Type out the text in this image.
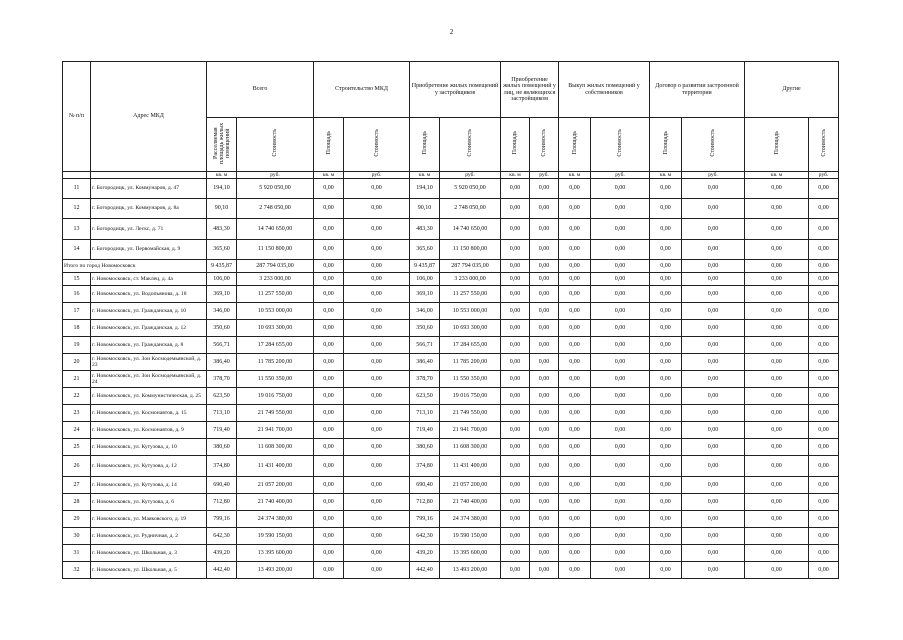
2
№ п/п	Адрес МКД	Всего		Строительство МКД		Приобретение жилых помещений у застройщиков		Приобретение жилых помещений у лиц, не являющихся застройщиком		Выкуп жилых помещений у собственников		Договор о развитии застроенной территории		Другие	
		Расселяемая площадь жилых помещений	Стоимость	Площадь	Стоимость	Площадь	Стоимость	Площадь	Стоимость	Площадь	Стоимость	Площадь	Стоимость	Площадь	Стоимость
		кв. м	руб.	кв. м	руб.	кв. м	руб.	кв. м	руб.	кв. м	руб.	кв. м	руб.	кв. м	руб.
11	г. Богородицк, ул. Коммунаров, д. 47	194,10	5 920 050,00	0,00	0,00	194,10	5 920 050,00	0,00	0,00	0,00	0,00	0,00	0,00	0,00	0,00
12	г. Богородицк, ул. Коммунаров, д. 8а	90,10	2 748 050,00	0,00	0,00	90,10	2 748 050,00	0,00	0,00	0,00	0,00	0,00	0,00	0,00	0,00
13	г. Богородицк, ул. Лескс, д. 71	483,30	14 740 650,00	0,00	0,00	483,30	14 740 650,00	0,00	0,00	0,00	0,00	0,00	0,00	0,00	0,00
14	г. Богородицк, ул. Первомайская, д. 9	365,60	11 150 800,00	0,00	0,00	365,60	11 150 800,00	0,00	0,00	0,00	0,00	0,00	0,00	0,00	0,00
Итого по город Новомосковск		9 435,87	287 794 035,00	0,00	0,00	9 435,87	287 794 035,00	0,00	0,00	0,00	0,00	0,00	0,00	0,00	0,00
15	г. Новомосковск, ст. Маклец, д. 4а	106,00	3 233 000,00	0,00	0,00	106,00	3 233 000,00	0,00	0,00	0,00	0,00	0,00	0,00	0,00	0,00
16	г. Новомосковск, ул. Водопьянова, д. 18	369,10	11 257 550,00	0,00	0,00	369,10	11 257 550,00	0,00	0,00	0,00	0,00	0,00	0,00	0,00	0,00
17	г. Новомосковск, ул. Гражданская, д. 10	346,00	10 553 000,00	0,00	0,00	346,00	10 553 000,00	0,00	0,00	0,00	0,00	0,00	0,00	0,00	0,00
18	г. Новомосковск, ул. Гражданская, д. 12	350,60	10 693 300,00	0,00	0,00	350,60	10 693 300,00	0,00	0,00	0,00	0,00	0,00	0,00	0,00	0,00
19	г. Новомосковск, ул. Гражданская, д. 8	566,71	17 284 655,00	0,00	0,00	566,71	17 284 655,00	0,00	0,00	0,00	0,00	0,00	0,00	0,00	0,00
20	г. Новомосковск, ул. Зои Космодемьянской, д. 23	386,40	11 785 200,00	0,00	0,00	386,40	11 785 200,00	0,00	0,00	0,00	0,00	0,00	0,00	0,00	0,00
21	г. Новомосковск, ул. Зои Космодемьянской, д. 24	378,70	11 550 350,00	0,00	0,00	378,70	11 550 350,00	0,00	0,00	0,00	0,00	0,00	0,00	0,00	0,00
22	г. Новомосковск, ул. Коммунистическая, д. 25	623,50	19 016 750,00	0,00	0,00	623,50	19 016 750,00	0,00	0,00	0,00	0,00	0,00	0,00	0,00	0,00
23	г. Новомосковск, ул. Космонавтов, д. 15	713,10	21 749 550,00	0,00	0,00	713,10	21 749 550,00	0,00	0,00	0,00	0,00	0,00	0,00	0,00	0,00
24	г. Новомосковск, ул. Космонавтов, д. 9	719,40	21 941 700,00	0,00	0,00	719,40	21 941 700,00	0,00	0,00	0,00	0,00	0,00	0,00	0,00	0,00
25	г. Новомосковск, ул. Кутузова, д. 10	380,60	11 608 300,00	0,00	0,00	380,60	11 608 300,00	0,00	0,00	0,00	0,00	0,00	0,00	0,00	0,00
26	г. Новомосковск, ул. Кутузова, д. 12	374,80	11 431 400,00	0,00	0,00	374,80	11 431 400,00	0,00	0,00	0,00	0,00	0,00	0,00	0,00	0,00
27	г. Новомосковск, ул. Кутузова, д. 14	690,40	21 057 200,00	0,00	0,00	690,40	21 057 200,00	0,00	0,00	0,00	0,00	0,00	0,00	0,00	0,00
28	г. Новомосковск, ул. Кутузова, д. 6	712,80	21 740 400,00	0,00	0,00	712,80	21 740 400,00	0,00	0,00	0,00	0,00	0,00	0,00	0,00	0,00
29	г. Новомосковск, ул. Маяковского, д. 19	799,16	24 374 380,00	0,00	0,00	799,16	24 374 380,00	0,00	0,00	0,00	0,00	0,00	0,00	0,00	0,00
30	г. Новомосковск, ул. Рудничная, д. 2	642,30	19 590 150,00	0,00	0,00	642,30	19 590 150,00	0,00	0,00	0,00	0,00	0,00	0,00	0,00	0,00
31	г. Новомосковск, ул. Школьная, д. 3	439,20	13 395 600,00	0,00	0,00	439,20	13 395 600,00	0,00	0,00	0,00	0,00	0,00	0,00	0,00	0,00
32	г. Новомосковск, ул. Школьная, д. 5	442,40	13 493 200,00	0,00	0,00	442,40	13 493 200,00	0,00	0,00	0,00	0,00	0,00	0,00	0,00	0,00
